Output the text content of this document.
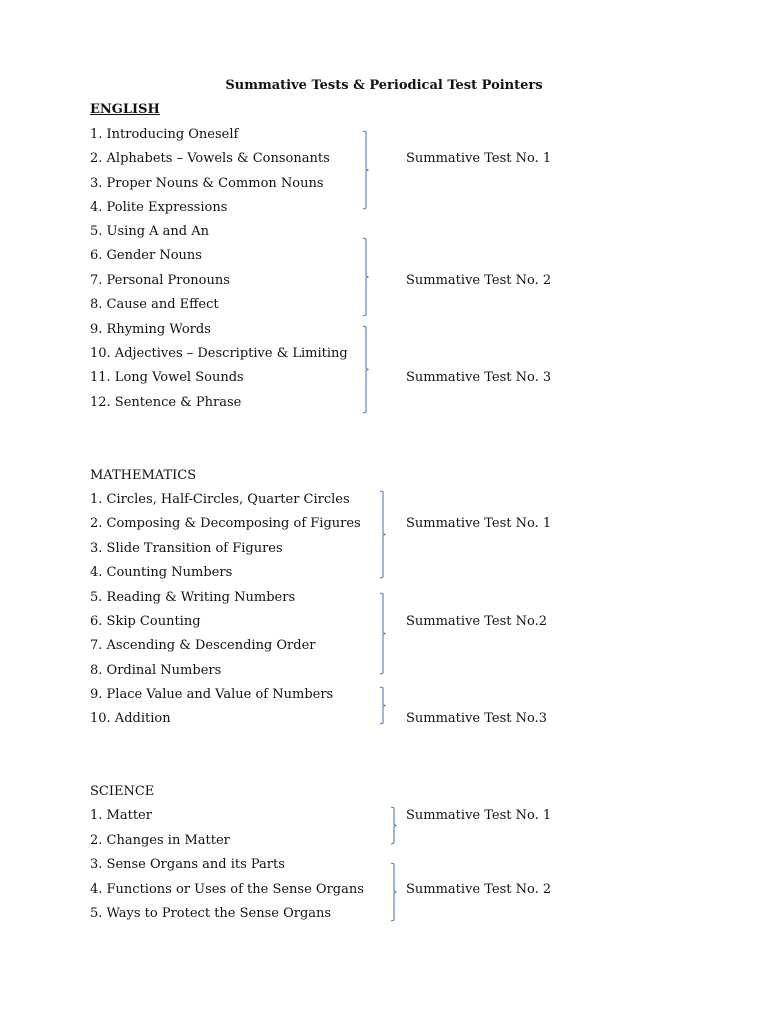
Summative Tests & Periodical Test Pointers
ENGLISH
1. Introducing Oneself
2. Alphabets – Vowels & Consonants
3. Proper Nouns & Common Nouns
4. Polite Expressions
5. Using A and An
6. Gender Nouns
7. Personal Pronouns
8. Cause and Effect
9. Rhyming Words
10. Adjectives – Descriptive & Limiting
11. Long Vowel Sounds
12. Sentence & Phrase
Summative Test No. 1
Summative Test No. 2
Summative Test No. 3
MATHEMATICS
1. Circles, Half-Circles, Quarter Circles
2. Composing & Decomposing of Figures
3. Slide Transition of Figures
4. Counting Numbers
5. Reading & Writing Numbers
6. Skip Counting
7. Ascending & Descending Order
8. Ordinal Numbers
9. Place Value and Value of Numbers
10. Addition
Summative Test No. 1
Summative Test No.2
Summative Test No.3
SCIENCE
1. Matter
2. Changes in Matter
3. Sense Organs and its Parts
4. Functions or Uses of the Sense Organs
5. Ways to Protect the Sense Organs
Summative Test No. 1
Summative Test No. 2
